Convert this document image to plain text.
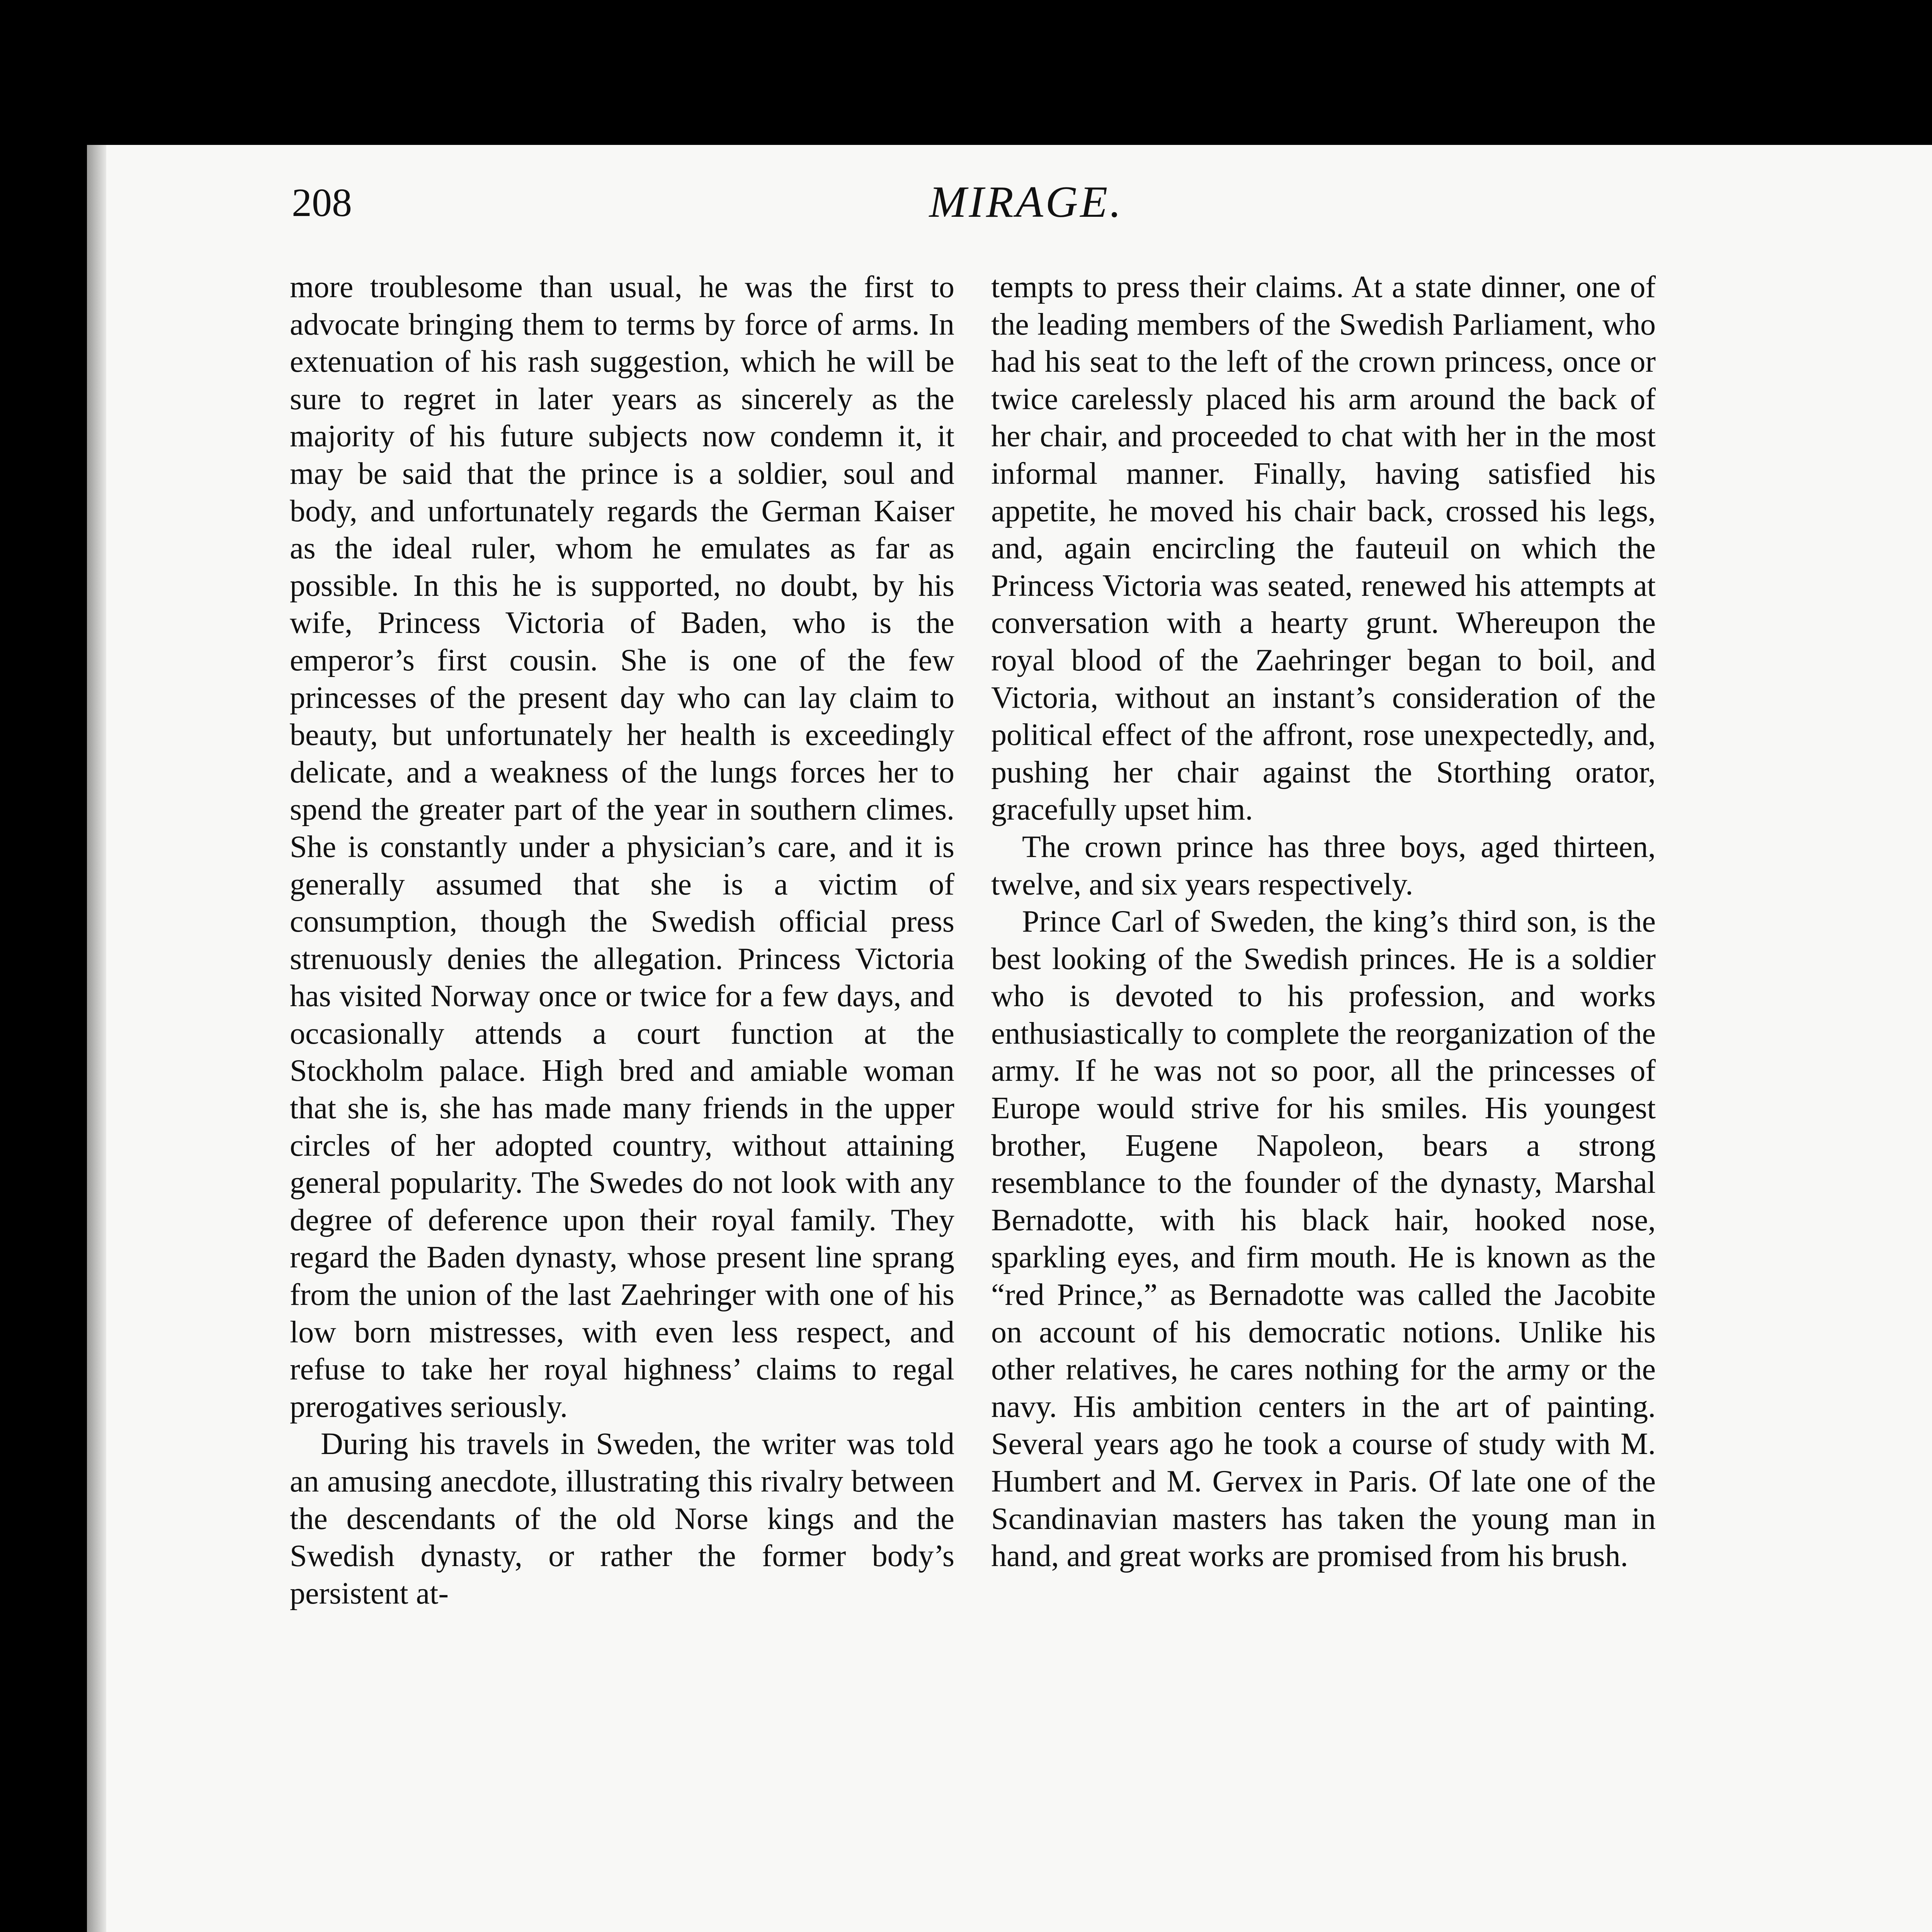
208	MIRAGE.

more troublesome than usual, he was the first to advocate bringing them to terms by force of arms. In extenuation of his rash suggestion, which he will be sure to regret in later years as sincerely as the majority of his future subjects now condemn it, it may be said that the prince is a soldier, soul and body, and unfortunately regards the German Kaiser as the ideal ruler, whom he emulates as far as possible. In this he is supported, no doubt, by his wife, Princess Victoria of Baden, who is the emperor’s first cousin. She is one of the few princesses of the present day who can lay claim to beauty, but unfortunately her health is exceedingly delicate, and a weakness of the lungs forces her to spend the greater part of the year in southern climes. She is constantly under a physician’s care, and it is generally assumed that she is a victim of consumption, though the Swedish official press strenuously denies the allegation. Princess Victoria has visited Norway once or twice for a few days, and occasionally attends a court function at the Stockholm palace. High bred and amiable woman that she is, she has made many friends in the upper circles of her adopted country, without attaining general popularity. The Swedes do not look with any degree of deference upon their royal family. They regard the Baden dynasty, whose present line sprang from the union of the last Zaehringer with one of his low born mistresses, with even less respect, and refuse to take her royal highness’ claims to regal prerogatives seriously.

During his travels in Sweden, the writer was told an amusing anecdote, illustrating this rivalry between the descendants of the old Norse kings and the Swedish dynasty, or rather the former body’s persistent at-

tempts to press their claims. At a state dinner, one of the leading members of the Swedish Parliament, who had his seat to the left of the crown princess, once or twice carelessly placed his arm around the back of her chair, and proceeded to chat with her in the most informal manner. Finally, having satisfied his appetite, he moved his chair back, crossed his legs, and, again encircling the fauteuil on which the Princess Victoria was seated, renewed his attempts at conversation with a hearty grunt. Whereupon the royal blood of the Zaehringer began to boil, and Victoria, without an instant’s consideration of the political effect of the affront, rose unexpectedly, and, pushing her chair against the Storthing orator, gracefully upset him.

The crown prince has three boys, aged thirteen, twelve, and six years respectively.

Prince Carl of Sweden, the king’s third son, is the best looking of the Swedish princes. He is a soldier who is devoted to his profession, and works enthusiastically to complete the reorganization of the army. If he was not so poor, all the princesses of Europe would strive for his smiles. His youngest brother, Eugene Napoleon, bears a strong resemblance to the founder of the dynasty, Marshal Bernadotte, with his black hair, hooked nose, sparkling eyes, and firm mouth. He is known as the “red Prince,” as Bernadotte was called the Jacobite on account of his democratic notions. Unlike his other relatives, he cares nothing for the army or the navy. His ambition centers in the art of painting. Several years ago he took a course of study with M. Humbert and M. Gervex in Paris. Of late one of the Scandinavian masters has taken the young man in hand, and great works are promised from his brush.
